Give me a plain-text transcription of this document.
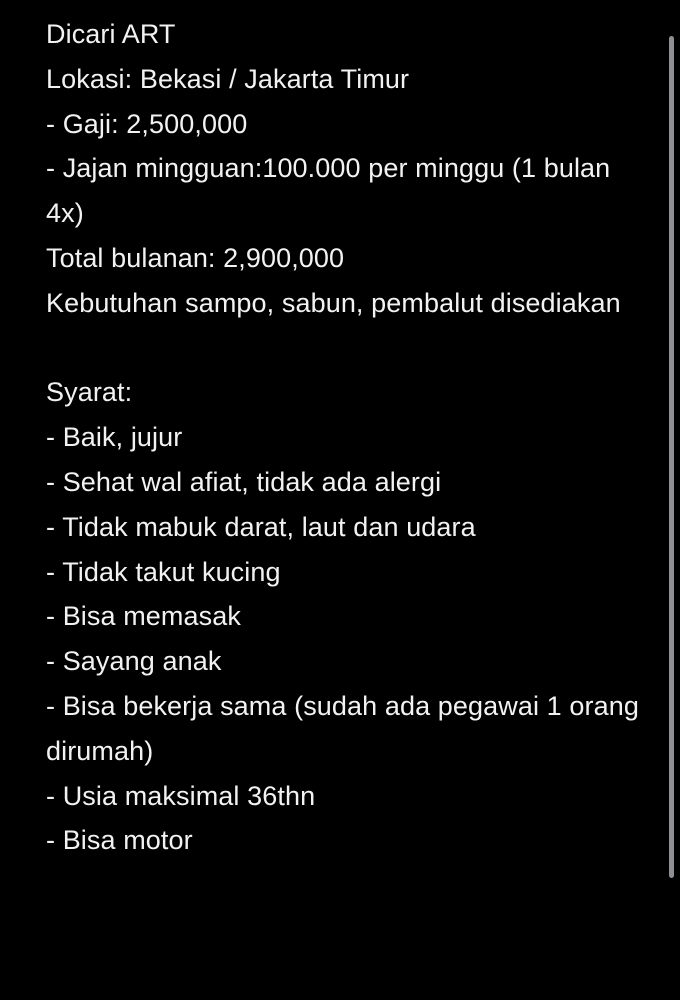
Dicari ART
Lokasi: Bekasi / Jakarta Timur
- Gaji: 2,500,000
- Jajan mingguan:100.000 per minggu (1 bulan 4x)
Total bulanan: 2,900,000
Kebutuhan sampo, sabun, pembalut disediakan
Syarat:
- Baik, jujur
- Sehat wal afiat, tidak ada alergi
- Tidak mabuk darat, laut dan udara
- Tidak takut kucing
- Bisa memasak
- Sayang anak
- Bisa bekerja sama (sudah ada pegawai 1 orang dirumah)
- Usia maksimal 36thn
- Bisa motor
